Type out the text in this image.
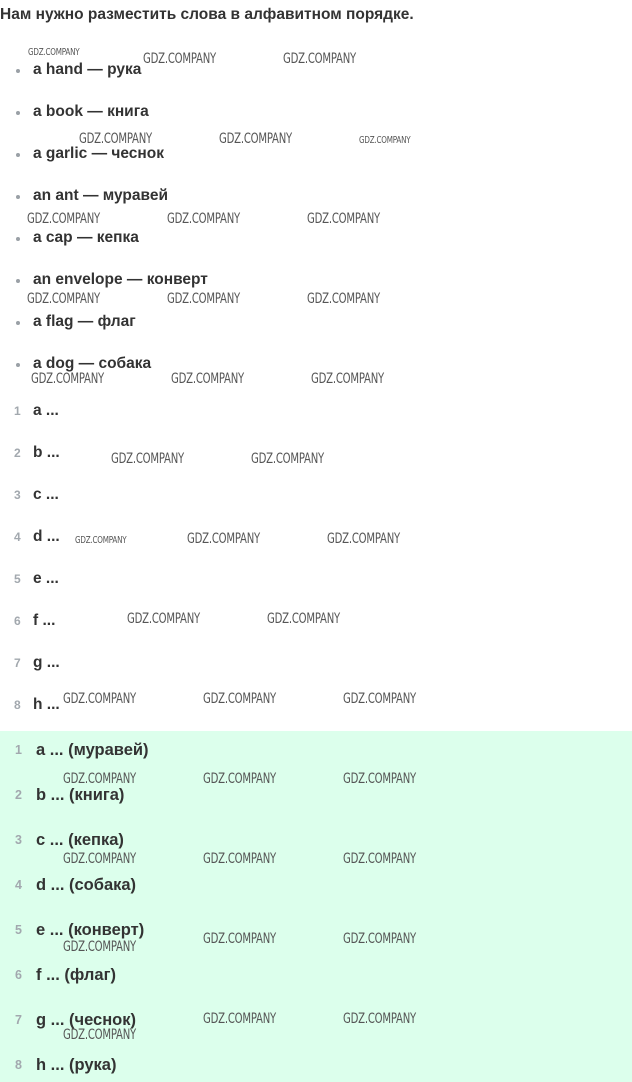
Нам нужно разместить слова в алфавитном порядке.
a hand — рука
a book — книга
a garlic — чеснок
an ant — муравей
a cap — кепка
an envelope — конверт
a flag — флаг
a dog — собака
1 a ...
2 b ...
3 c ...
4 d ...
5 e ...
6 f ...
7 g ...
8 h ...
1 a ... (муравей)
2 b ... (книга)
3 c ... (кепка)
4 d ... (собака)
5 e ... (конверт)
6 f ... (флаг)
7 g ... (чеснок)
8 h ... (рука)
GDZ.COMPANY	GDZ.COMPANY	GDZ.COMPANY
GDZ.COMPANY	GDZ.COMPANY	GDZ.COMPANY
GDZ.COMPANY	GDZ.COMPANY	GDZ.COMPANY
GDZ.COMPANY	GDZ.COMPANY	GDZ.COMPANY
GDZ.COMPANY	GDZ.COMPANY	GDZ.COMPANY
GDZ.COMPANY	GDZ.COMPANY
GDZ.COMPANY	GDZ.COMPANY	GDZ.COMPANY
GDZ.COMPANY	GDZ.COMPANY
GDZ.COMPANY	GDZ.COMPANY	GDZ.COMPANY
GDZ.COMPANY	GDZ.COMPANY	GDZ.COMPANY
GDZ.COMPANY	GDZ.COMPANY	GDZ.COMPANY
GDZ.COMPANY	GDZ.COMPANY	GDZ.COMPANY
GDZ.COMPANY	GDZ.COMPANY
GDZ.COMPANY
